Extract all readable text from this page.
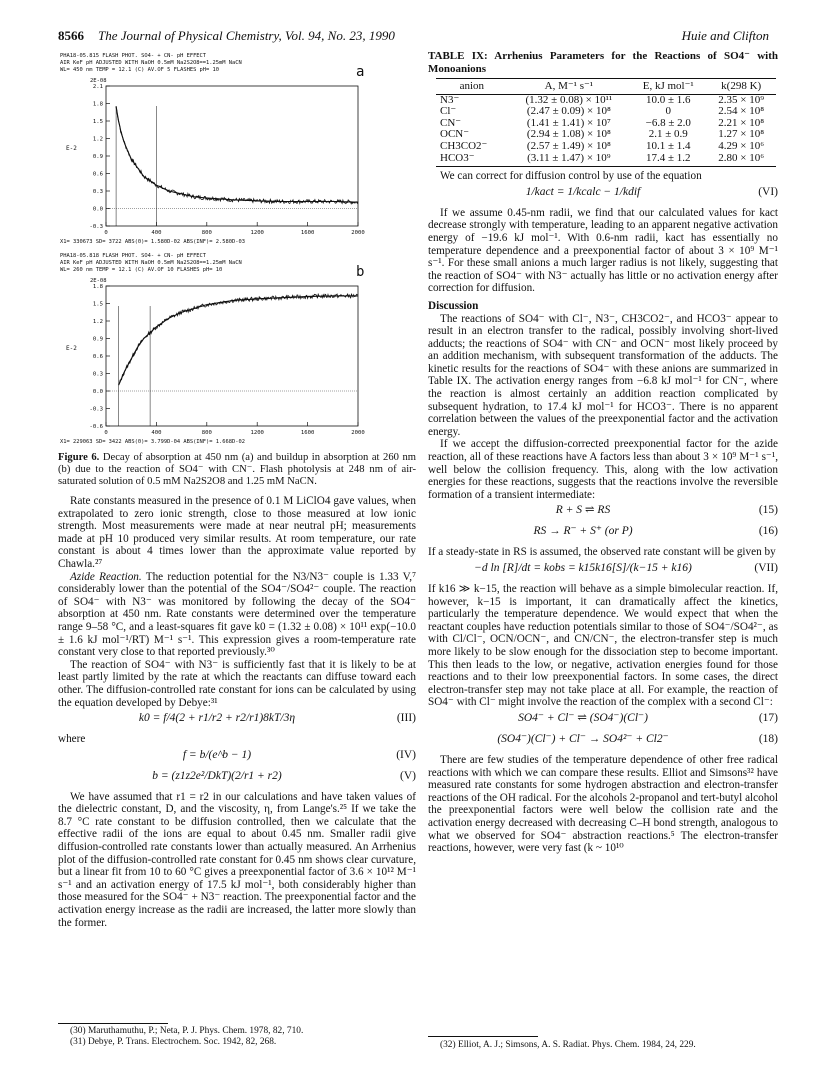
8566 The Journal of Physical Chemistry, Vol. 94, No. 23, 1990	Huie and Clifton
PHA18-05.815 FLASH PHOT. SO4- + CN- pH EFFECT
AIR KeF pH ADJUSTED WITH NaOH 0.5mM Na2S2O8==1.25mM NaCN
WL= 450 nm TEMP = 12.1 (C) AV.OF 5 FLASHES pH= 10	a
2E-08
E-2
2.1
1.8
1.5
1.2
0.9
0.6
0.3
0.0
-0.3
0	400	800	1200	1600	2000
X1= 330673 SD= 3722 ABS(0)= 1.580D-02 ABS(INF)= 2.580D-03
PHA18-05.818 FLASH PHOT. SO4- + CN- pH EFFECT
AIR KeF pH ADJUSTED WITH NaOH 0.5mM Na2S2O8==1.25mM NaCN
WL= 260 nm TEMP = 12.1 (C) AV.OF 10 FLASHES pH= 10	b
2E-08
E-2
1.8
1.5
1.2
0.9
0.6
0.3
0.0
-0.3
-0.6
0	400	800	1200	1600	2000
X1= 229063 SD= 3422 ABS(0)= 3.799D-04 ABS(INF)= 1.668D-02
Figure 6. Decay of absorption at 450 nm (a) and buildup in absorption at 260 nm (b) due to the reaction of SO4⁻ with CN⁻. Flash photolysis at 248 nm of air-saturated solution of 0.5 mM Na2S2O8 and 1.25 mM NaCN.

Rate constants measured in the presence of 0.1 M LiClO4 gave values, when extrapolated to zero ionic strength, close to those measured at low ionic strength. Most measurements were made at near neutral pH; measurements made at pH 10 produced very similar results. At room temperature, our rate constant is about 4 times lower than the approximate value reported by Chawla.²⁷

Azide Reaction. The reduction potential for the N3/N3⁻ couple is 1.33 V,⁷ considerably lower than the potential of the SO4⁻/SO4²⁻ couple. The reaction of SO4⁻ with N3⁻ was monitored by following the decay of the SO4⁻ absorption at 450 nm. Rate constants were determined over the temperature range 9–58 °C, and a least-squares fit gave k0 = (1.32 ± 0.08) × 10¹¹ exp(−10.0 ± 1.6 kJ mol⁻¹/RT) M⁻¹ s⁻¹. This expression gives a room-temperature rate constant very close to that reported previously.³⁰

The reaction of SO4⁻ with N3⁻ is sufficiently fast that it is likely to be at least partly limited by the rate at which the reactants can diffuse toward each other. The diffusion-controlled rate constant for ions can be calculated by using the equation developed by Debye:³¹

k0 = f/4(2 + r1/r2 + r2/r1)8kT/3η	(III)

where

f = b/(e^b − 1)	(IV)
b = (z1z2e²/DkT)(2/r1 + r2)	(V)

We have assumed that r1 = r2 in our calculations and have taken values of the dielectric constant, D, and the viscosity, η, from Lange's.²⁵ If we take the 8.7 °C rate constant to be diffusion controlled, then we calculate that the effective radii of the ions are equal to about 0.45 nm. Smaller radii give diffusion-controlled rate constants lower than actually measured. An Arrhenius plot of the diffusion-controlled rate constant for 0.45 nm shows clear curvature, but a linear fit from 10 to 60 °C gives a preexponential factor of 3.6 × 10¹² M⁻¹ s⁻¹ and an activation energy of 17.5 kJ mol⁻¹, both considerably higher than those measured for the SO4⁻ + N3⁻ reaction. The preexponential factor and the activation energy increase as the radii are increased, the latter more slowly than the former.

(30) Maruthamuthu, P.; Neta, P. J. Phys. Chem. 1978, 82, 710.
(31) Debye, P. Trans. Electrochem. Soc. 1942, 82, 268.
TABLE IX: Arrhenius Parameters for the Reactions of SO4⁻ with Monoanions
anion	A, M⁻¹ s⁻¹	E, kJ mol⁻¹	k(298 K)
N3⁻	(1.32 ± 0.08) × 10¹¹	10.0 ± 1.6	2.35 × 10⁹
Cl⁻	(2.47 ± 0.09) × 10⁸	0	2.54 × 10⁸
CN⁻	(1.41 ± 1.41) × 10⁷	−6.8 ± 2.0	2.21 × 10⁸
OCN⁻	(2.94 ± 1.08) × 10⁸	2.1 ± 0.9	1.27 × 10⁸
CH3CO2⁻	(2.57 ± 1.49) × 10⁸	10.1 ± 1.4	4.29 × 10⁶
HCO3⁻	(3.11 ± 1.47) × 10⁹	17.4 ± 1.2	2.80 × 10⁶

We can correct for diffusion control by use of the equation

1/kact = 1/kcalc − 1/kdif	(VI)

If we assume 0.45-nm radii, we find that our calculated values for kact decrease strongly with temperature, leading to an apparent negative activation energy of −19.6 kJ mol⁻¹. With 0.6-nm radii, kact has essentially no temperature dependence and a preexponential factor of about 3 × 10⁹ M⁻¹ s⁻¹. For these small anions a much larger radius is not likely, suggesting that the reaction of SO4⁻ with N3⁻ actually has little or no activation energy after correction for diffusion.

Discussion

The reactions of SO4⁻ with Cl⁻, N3⁻, CH3CO2⁻, and HCO3⁻ appear to result in an electron transfer to the radical, possibly involving short-lived adducts; the reactions of SO4⁻ with CN⁻ and OCN⁻ most likely proceed by an addition mechanism, with subsequent transformation of the adducts. The kinetic results for the reactions of SO4⁻ with these anions are summarized in Table IX. The activation energy ranges from −6.8 kJ mol⁻¹ for CN⁻, where the reaction is almost certainly an addition reaction complicated by subsequent hydration, to 17.4 kJ mol⁻¹ for HCO3⁻. There is no apparent correlation between the values of the preexponential factor and the activation energy.

If we accept the diffusion-corrected preexponential factor for the azide reaction, all of these reactions have A factors less than about 3 × 10⁹ M⁻¹ s⁻¹, well below the collision frequency. This, along with the low activation energies for these reactions, suggests that the reactions involve the reversible formation of a transient intermediate:

R + S ⇌ RS	(15)
RS → R⁻ + S⁺ (or P)	(16)

If a steady-state in RS is assumed, the observed rate constant will be given by

−d ln [R]/dt = kobs = k15k16[S]/(k−15 + k16)	(VII)

If k16 ≫ k−15, the reaction will behave as a simple bimolecular reaction. If, however, k−15 is important, it can dramatically affect the kinetics, particularly the temperature dependence. We would expect that when the reactant couples have reduction potentials similar to those of SO4⁻/SO4²⁻, as with Cl/Cl⁻, OCN/OCN⁻, and CN/CN⁻, the electron-transfer step is much more likely to be slow enough for the dissociation step to become important. This then leads to the low, or negative, activation energies found for those reactions and to their low preexponential factors. In some cases, the direct electron-transfer step may not take place at all. For example, the reaction of SO4⁻ with Cl⁻ might involve the reaction of the complex with a second Cl⁻:

SO4⁻ + Cl⁻ ⇌ (SO4⁻)(Cl⁻)	(17)
(SO4⁻)(Cl⁻) + Cl⁻ → SO4²⁻ + Cl2⁻	(18)

There are few studies of the temperature dependence of other free radical reactions with which we can compare these results. Elliot and Simsons³² have measured rate constants for some hydrogen abstraction and electron-transfer reactions of the OH radical. For the alcohols 2-propanol and tert-butyl alcohol the preexponential factors were well below the collision rate and the activation energy decreased with decreasing C–H bond strength, analogous to what we observed for SO4⁻ abstraction reactions.⁵ The electron-transfer reactions, however, were very fast (k ~ 10¹⁰

(32) Elliot, A. J.; Simsons, A. S. Radiat. Phys. Chem. 1984, 24, 229.
